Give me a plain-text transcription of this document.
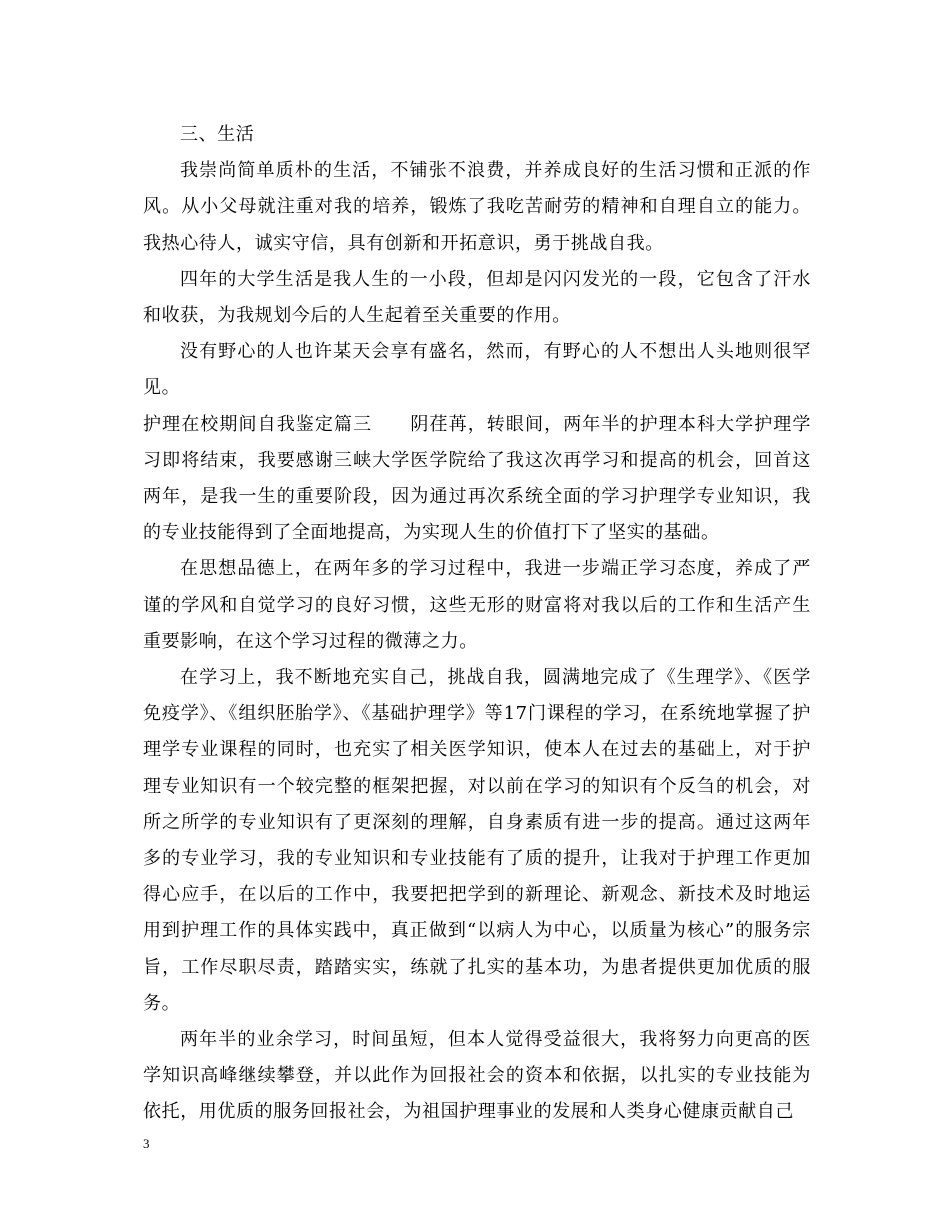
三、生活

我崇尚简单质朴的生活，不铺张不浪费，并养成良好的生活习惯和正派的作风。从小父母就注重对我的培养，锻炼了我吃苦耐劳的精神和自理自立的能力。我热心待人，诚实守信，具有创新和开拓意识，勇于挑战自我。

四年的大学生活是我人生的一小段，但却是闪闪发光的一段，它包含了汗水和收获，为我规划今后的人生起着至关重要的作用。

没有野心的人也许某天会享有盛名，然而，有野心的人不想出人头地则很罕见。

护理在校期间自我鉴定篇三　　阴荏苒，转眼间，两年半的护理本科大学护理学习即将结束，我要感谢三峡大学医学院给了我这次再学习和提高的机会，回首这两年，是我一生的重要阶段，因为通过再次系统全面的学习护理学专业知识，我的专业技能得到了全面地提高，为实现人生的价值打下了坚实的基础。

在思想品德上，在两年多的学习过程中，我进一步端正学习态度，养成了严谨的学风和自觉学习的良好习惯，这些无形的财富将对我以后的工作和生活产生重要影响，在这个学习过程的微薄之力。

在学习上，我不断地充实自己，挑战自我，圆满地完成了《生理学》、《医学免疫学》、《组织胚胎学》、《基础护理学》等17门课程的学习，在系统地掌握了护理学专业课程的同时，也充实了相关医学知识，使本人在过去的基础上，对于护理专业知识有一个较完整的框架把握，对以前在学习的知识有个反刍的机会，对所之所学的专业知识有了更深刻的理解，自身素质有进一步的提高。通过这两年多的专业学习，我的专业知识和专业技能有了质的提升，让我对于护理工作更加得心应手，在以后的工作中，我要把把学到的新理论、新观念、新技术及时地运用到护理工作的具体实践中，真正做到“以病人为中心，以质量为核心”的服务宗旨，工作尽职尽责，踏踏实实，练就了扎实的基本功，为患者提供更加优质的服务。

两年半的业余学习，时间虽短，但本人觉得受益很大，我将努力向更高的医学知识高峰继续攀登，并以此作为回报社会的资本和依据，以扎实的专业技能为依托，用优质的服务回报社会，为祖国护理事业的发展和人类身心健康贡献自己

3
